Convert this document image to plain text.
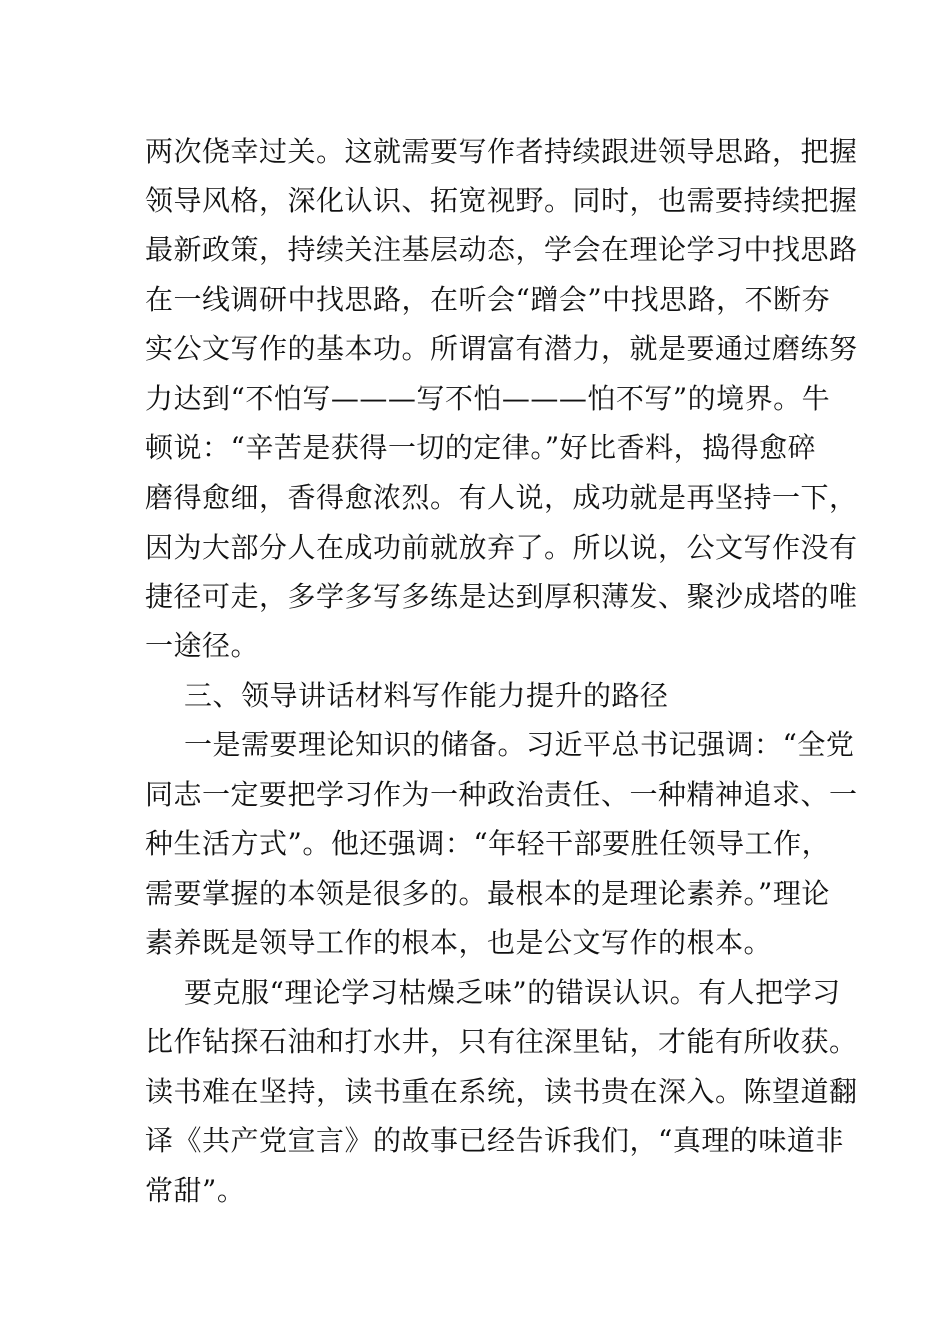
两次侥幸过关。这就需要写作者持续跟进领导思路，把握
领导风格，深化认识、拓宽视野。同时，也需要持续把握
最新政策，持续关注基层动态，学会在理论学习中找思路
在一线调研中找思路，在听会“蹭会”中找思路，不断夯
实公文写作的基本功。所谓富有潜力，就是要通过磨练努
力达到“不怕写———写不怕———怕不写”的境界。牛
顿说：“辛苦是获得一切的定律。”好比香料，捣得愈碎
磨得愈细，香得愈浓烈。有人说，成功就是再坚持一下，
因为大部分人在成功前就放弃了。所以说，公文写作没有
捷径可走，多学多写多练是达到厚积薄发、聚沙成塔的唯
一途径。
三、领导讲话材料写作能力提升的路径
一是需要理论知识的储备。习近平总书记强调：“全党
同志一定要把学习作为一种政治责任、一种精神追求、一
种生活方式”。他还强调：“年轻干部要胜任领导工作，
需要掌握的本领是很多的。最根本的是理论素养。”理论
素养既是领导工作的根本，也是公文写作的根本。
要克服“理论学习枯燥乏味”的错误认识。有人把学习
比作钻探石油和打水井，只有往深里钻，才能有所收获。
读书难在坚持，读书重在系统，读书贵在深入。陈望道翻
译《共产党宣言》的故事已经告诉我们，“真理的味道非
常甜”。
